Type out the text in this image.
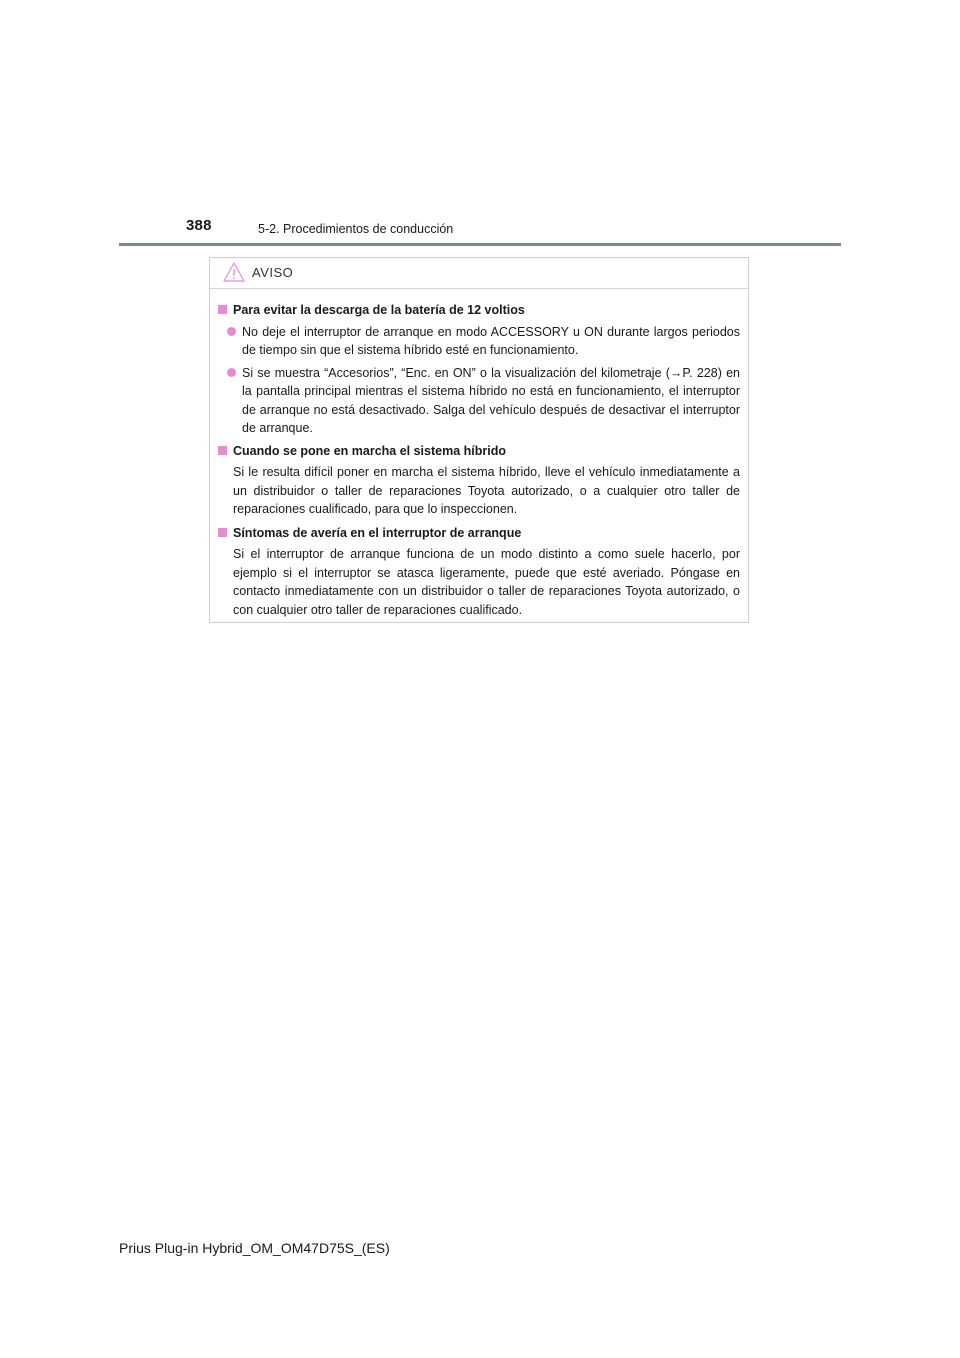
388	5-2. Procedimientos de conducción
AVISO
Para evitar la descarga de la batería de 12 voltios
No deje el interruptor de arranque en modo ACCESSORY u ON durante largos periodos de tiempo sin que el sistema híbrido esté en funcionamiento.
Si se muestra “Accesorios”, “Enc. en ON” o la visualización del kilometraje (→P. 228) en la pantalla principal mientras el sistema híbrido no está en funcionamiento, el interruptor de arranque no está desactivado. Salga del vehículo después de desactivar el interruptor de arranque.
Cuando se pone en marcha el sistema híbrido
Si le resulta difícil poner en marcha el sistema híbrido, lleve el vehículo inmediatamente a un distribuidor o taller de reparaciones Toyota autorizado, o a cualquier otro taller de reparaciones cualificado, para que lo inspeccionen.
Síntomas de avería en el interruptor de arranque
Si el interruptor de arranque funciona de un modo distinto a como suele hacerlo, por ejemplo si el interruptor se atasca ligeramente, puede que esté averiado. Póngase en contacto inmediatamente con un distribuidor o taller de reparaciones Toyota autorizado, o con cualquier otro taller de reparaciones cualificado.
Prius Plug-in Hybrid_OM_OM47D75S_(ES)
